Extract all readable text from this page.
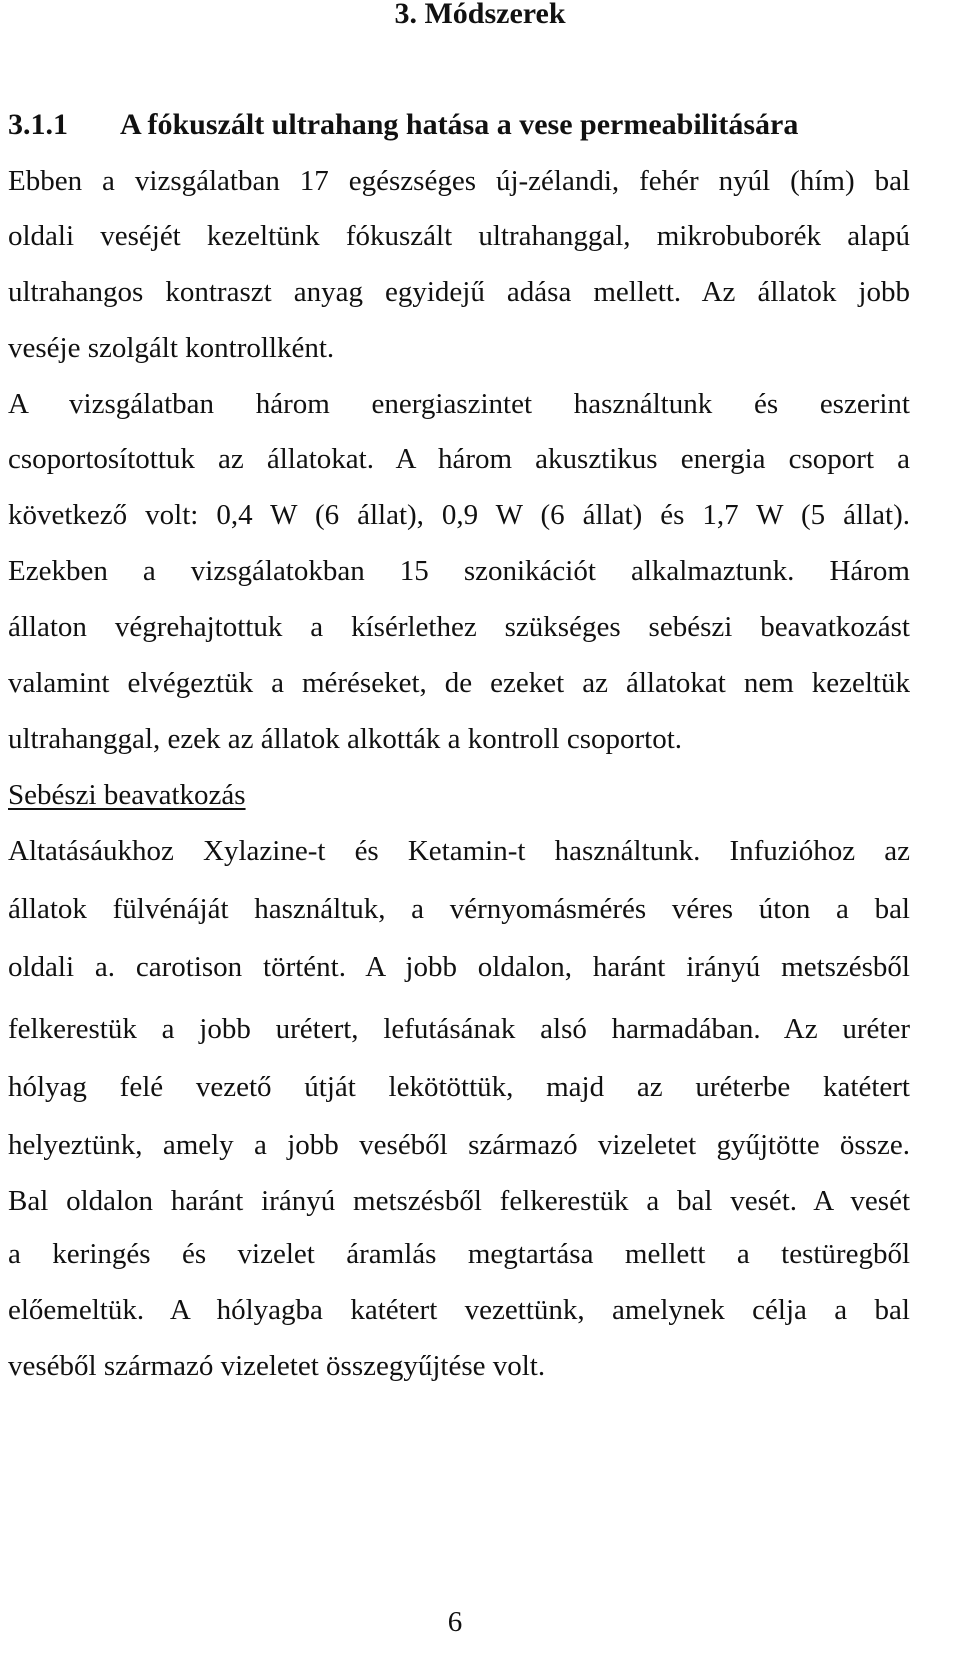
3. Módszerek
3.1.1 A fókuszált ultrahang hatása a vese permeabilitására

Ebben a vizsgálatban 17 egészséges új-zélandi, fehér nyúl (hím) bal

oldali veséjét kezeltünk fókuszált ultrahanggal, mikrobuborék alapú

ultrahangos kontraszt anyag egyidejű adása mellett. Az állatok jobb

veséje szolgált kontrollként.

A vizsgálatban három energiaszintet használtunk és eszerint

csoportosítottuk az állatokat. A három akusztikus energia csoport a

következő volt: 0,4 W (6 állat), 0,9 W (6 állat) és 1,7 W (5 állat).

Ezekben a vizsgálatokban 15 szonikációt alkalmaztunk. Három

állaton végrehajtottuk a kísérlethez szükséges sebészi beavatkozást

valamint elvégeztük a méréseket, de ezeket az állatokat nem kezeltük

ultrahanggal, ezek az állatok alkották a kontroll csoportot.

Sebészi beavatkozás

Altatásáukhoz Xylazine-t és Ketamin-t használtunk. Infuzióhoz az

állatok fülvénáját használtuk, a vérnyomásmérés véres úton a bal

oldali a. carotison történt. A jobb oldalon, haránt irányú metszésből

felkerestük a jobb urétert, lefutásának alsó harmadában. Az uréter

hólyag felé vezető útját lekötöttük, majd az uréterbe katétert

helyeztünk, amely a jobb veséből származó vizeletet gyűjtötte össze.

Bal oldalon haránt irányú metszésből felkerestük a bal vesét. A vesét

a keringés és vizelet áramlás megtartása mellett a testüregből

előemeltük. A hólyagba katétert vezettünk, amelynek célja a bal

veséből származó vizeletet összegyűjtése volt.

6
